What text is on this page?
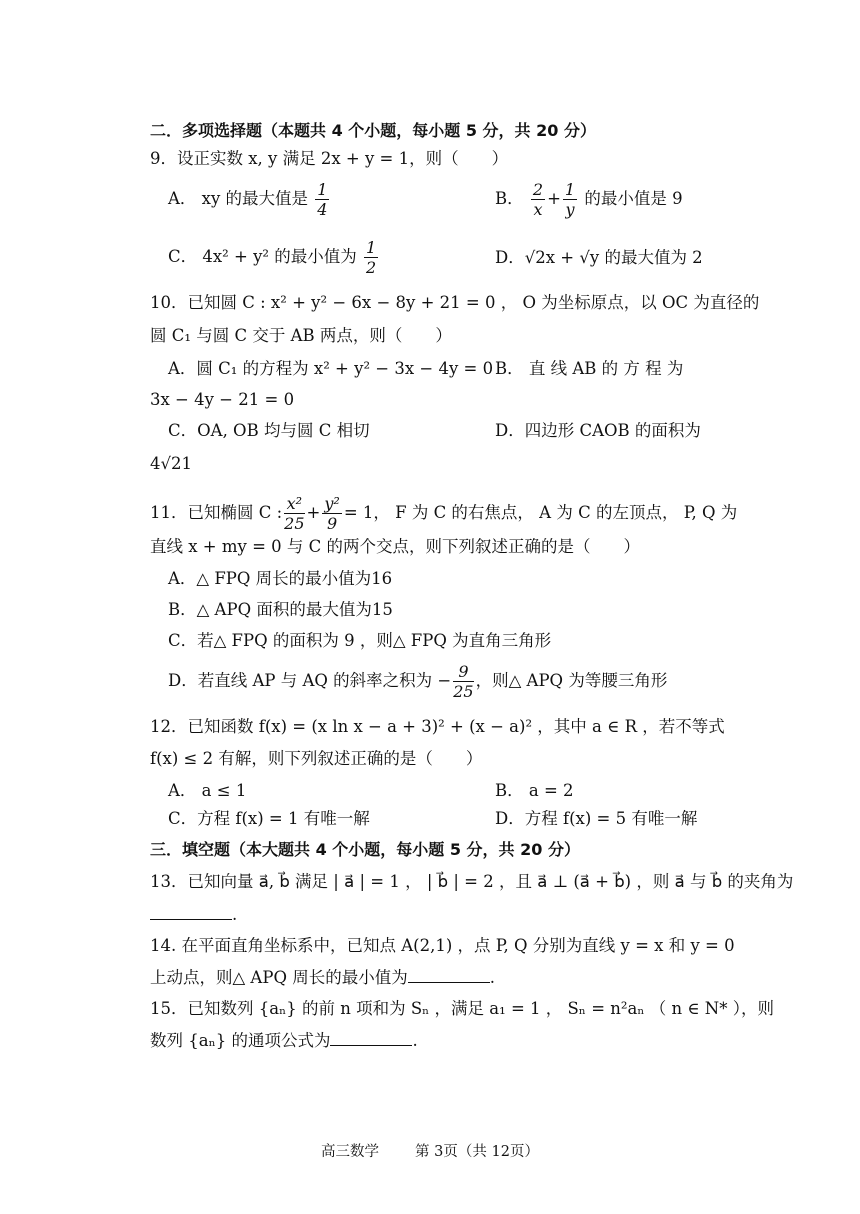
二．多项选择题（本题共 4 个小题，每小题 5 分，共 20 分）
9．设正实数 x, y 满足 2x + y = 1，则（　　）
A． xy 的最大值是 $\frac{1}{4}$	B． $\frac{2}{x} + \frac{1}{y}$ 的最小值是 9
C． 4x² + y² 的最小值为 $\frac{1}{2}$	D．√2x + √y 的最大值为 2
10．已知圆 C : x² + y² − 6x − 8y + 21 = 0 ， O 为坐标原点，以 OC 为直径的
圆 C₁ 与圆 C 交于 AB 两点，则（　　）
A．圆 C₁ 的方程为 x² + y² − 3x − 4y = 0 B． 直 线 AB 的 方 程 为
3x − 4y − 21 = 0
C．OA, OB 均与圆 C 相切	D．四边形 CAOB 的面积为
4√21
11．已知椭圆 C : $\frac{\text{x²}}{25} + \frac{\text{y²}}{9} = 1$， F 为 C 的右焦点， A 为 C 的左顶点， P, Q 为
直线 x + my = 0 与 C 的两个交点，则下列叙述正确的是（　　）
A．△ FPQ 周长的最小值为16
B．△ APQ 面积的最大值为15
C．若△ FPQ 的面积为 9 ，则△ FPQ 为直角三角形
D．若直线 AP 与 AQ 的斜率之积为 − $\frac{9}{25}$ ，则△ APQ 为等腰三角形
12．已知函数 f(x) = (x ln x − a + 3)² + (x − a)² ，其中 a ∈ R ，若不等式
f(x) ≤ 2 有解，则下列叙述正确的是（　　）
A． a ≤ 1	B． a = 2
C．方程 f(x) = 1 有唯一解	D．方程 f(x) = 5 有唯一解
三．填空题（本大题共 4 个小题，每小题 5 分，共 20 分）
13．已知向量 a⃗, b⃗ 满足 | a⃗ | = 1 ， | b⃗ | = 2 ，且 a⃗ ⊥ (a⃗ + b⃗) ，则 a⃗ 与 b⃗ 的夹角为
.
14. 在平面直角坐标系中，已知点 A(2,1) ，点 P, Q 分别为直线 y = x 和 y = 0
上动点，则△ APQ 周长的最小值为	.
15．已知数列 {aₙ} 的前 n 项和为 Sₙ ，满足 a₁ = 1 ， Sₙ = n²aₙ （ n ∈ N* ），则
数列 {aₙ} 的通项公式为	.
高三数学 第 3页（共 12页）
